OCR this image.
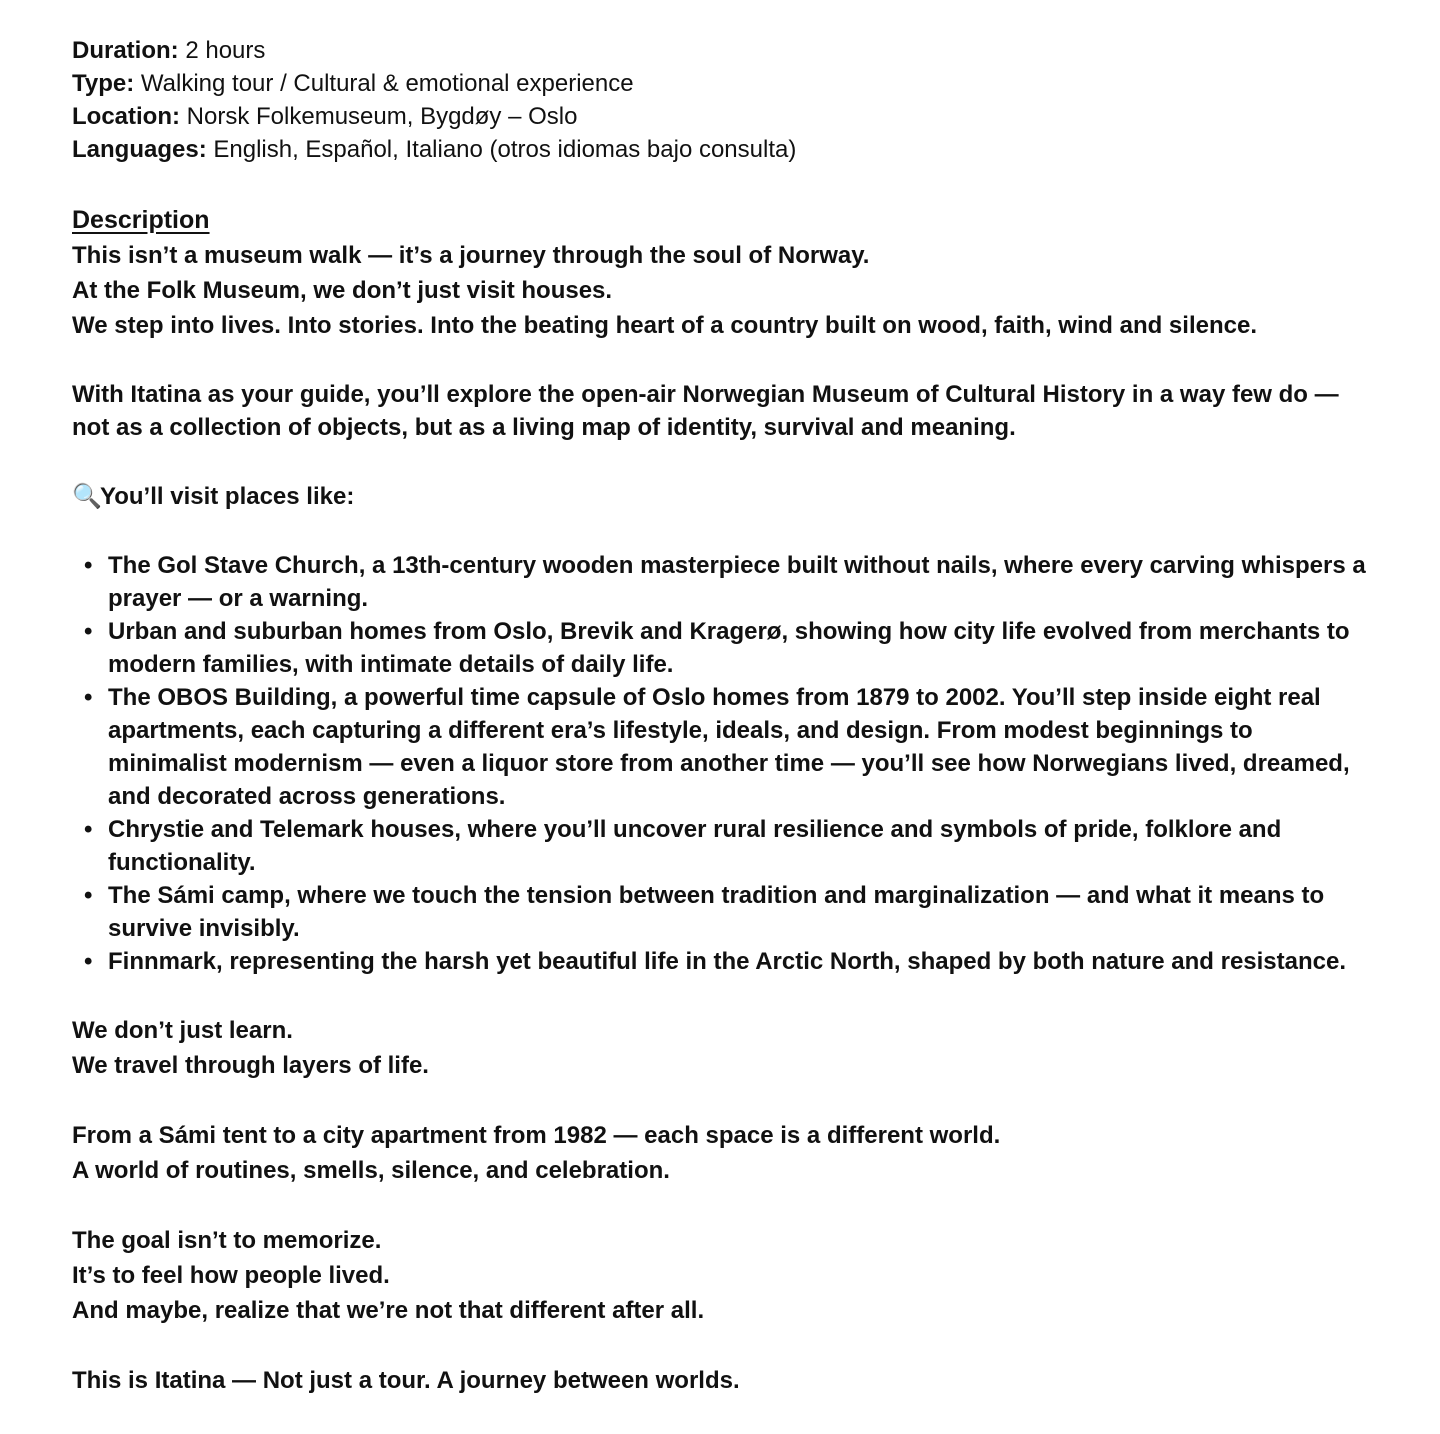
Duration: 2 hours

Type: Walking tour / Cultural & emotional experience

Location: Norsk Folkemuseum, Bygdøy – Oslo

Languages: English, Español, Italiano (otros idiomas bajo consulta)

Description

This isn’t a museum walk — it’s a journey through the soul of Norway.

At the Folk Museum, we don’t just visit houses.

We step into lives. Into stories. Into the beating heart of a country built on wood, faith, wind and silence.

With Itatina as your guide, you’ll explore the open-air Norwegian Museum of Cultural History in a way few do — not as a collection of objects, but as a living map of identity, survival and meaning.

🔍
You’ll visit places like:

• The Gol Stave Church, a 13th-century wooden masterpiece built without nails, where every carving whispers a prayer — or a warning.
• Urban and suburban homes from Oslo, Brevik and Kragerø, showing how city life evolved from merchants to modern families, with intimate details of daily life.
• The OBOS Building, a powerful time capsule of Oslo homes from 1879 to 2002. You’ll step inside eight real apartments, each capturing a different era’s lifestyle, ideals, and design. From modest beginnings to minimalist modernism — even a liquor store from another time — you’ll see how Norwegians lived, dreamed, and decorated across generations.
• Chrystie and Telemark houses, where you’ll uncover rural resilience and symbols of pride, folklore and functionality.
• The Sámi camp, where we touch the tension between tradition and marginalization — and what it means to survive invisibly.
• Finnmark, representing the harsh yet beautiful life in the Arctic North, shaped by both nature and resistance.

We don’t just learn.

We travel through layers of life.

From a Sámi tent to a city apartment from 1982 — each space is a different world.

A world of routines, smells, silence, and celebration.

The goal isn’t to memorize.

It’s to feel how people lived.

And maybe, realize that we’re not that different after all.

This is Itatina — Not just a tour. A journey between worlds.
